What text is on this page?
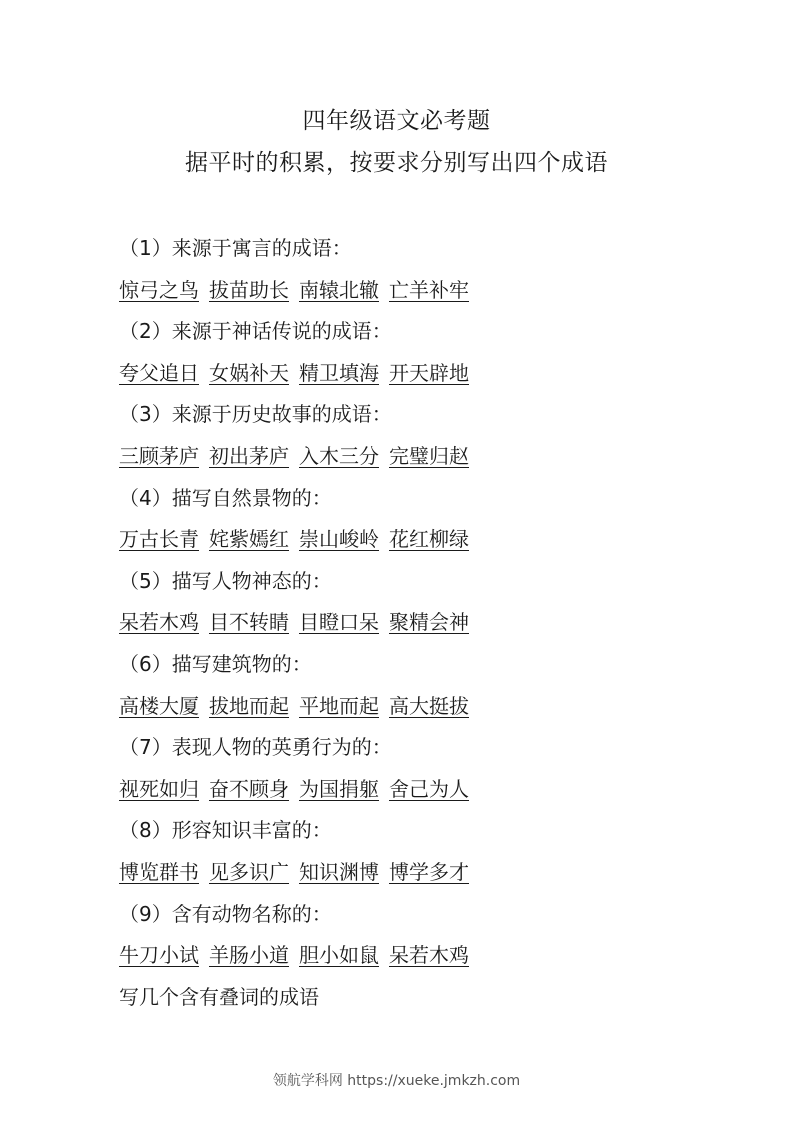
四年级语文必考题
据平时的积累，按要求分别写出四个成语
（1）来源于寓言的成语：
惊弓之鸟 拔苗助长 南辕北辙 亡羊补牢
（2）来源于神话传说的成语：
夸父追日 女娲补天 精卫填海 开天辟地
（3）来源于历史故事的成语：
三顾茅庐 初出茅庐 入木三分 完璧归赵
（4）描写自然景物的：
万古长青 姹紫嫣红 崇山峻岭 花红柳绿
（5）描写人物神态的：
呆若木鸡 目不转睛 目瞪口呆 聚精会神
（6）描写建筑物的：
高楼大厦 拔地而起 平地而起 高大挺拔
（7）表现人物的英勇行为的：
视死如归 奋不顾身 为国捐躯 舍己为人
（8）形容知识丰富的：
博览群书 见多识广 知识渊博 博学多才
（9）含有动物名称的：
牛刀小试 羊肠小道 胆小如鼠 呆若木鸡
写几个含有叠词的成语
领航学科网 https://xueke.jmkzh.com
